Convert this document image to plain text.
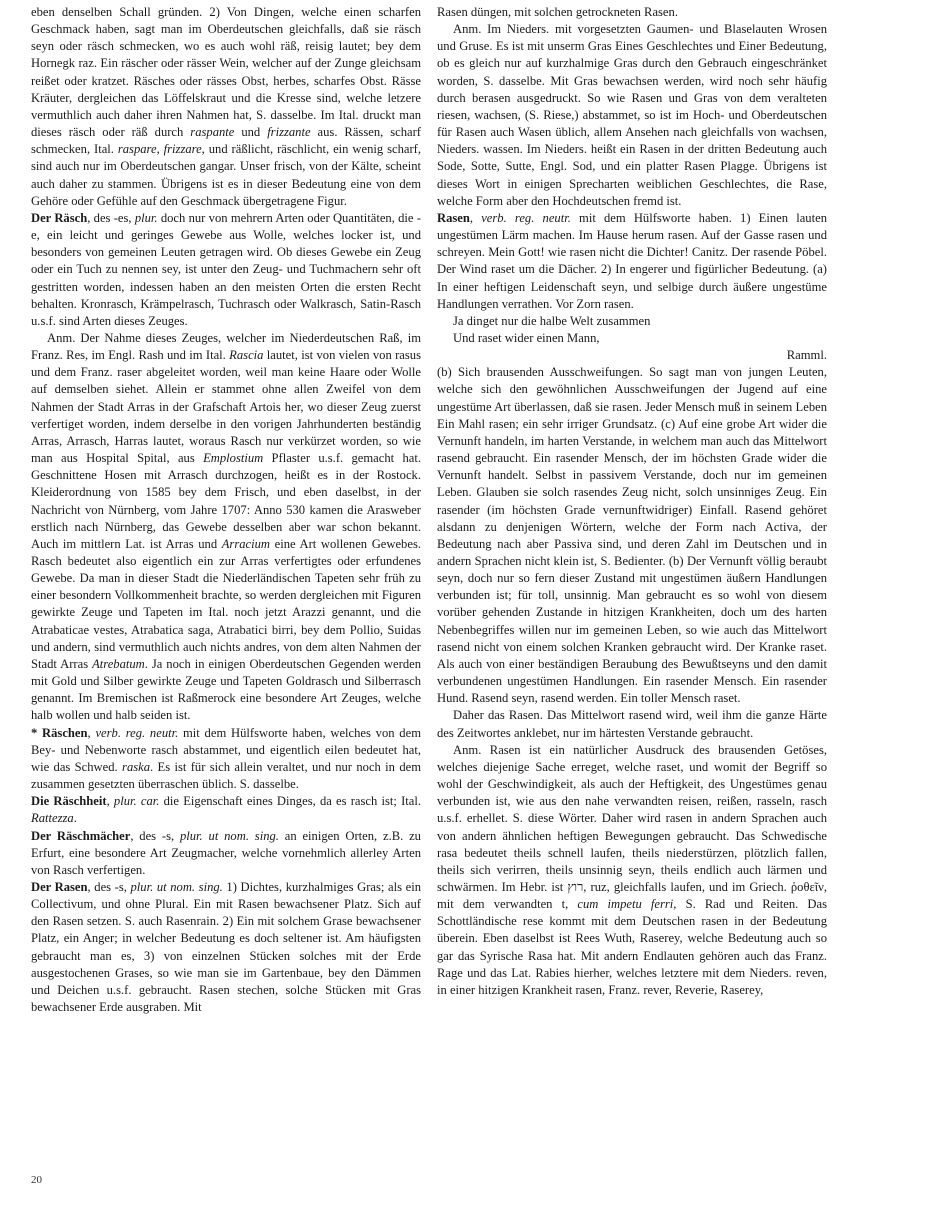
eben denselben Schall gründen. 2) Von Dingen, welche einen scharfen Geschmack haben, sagt man im Oberdeutschen gleichfalls, daß sie räsch seyn oder räsch schmecken, wo es auch wohl räß, reisig lautet; bey dem Hornegk raz. Ein räscher oder rässer Wein, welcher auf der Zunge gleichsam reißet oder kratzet. Räsches oder rässes Obst, herbes, scharfes Obst. Rässe Kräuter, dergleichen das Löffelskraut und die Kresse sind, welche letzere vermuthlich auch daher ihren Nahmen hat, S. dasselbe. Im Ital. druckt man dieses räsch oder räß durch raspante und frizzante aus. Rässen, scharf schmecken, Ital. raspare, frizzare, und räßlicht, räschlicht, ein wenig scharf, sind auch nur im Oberdeutschen gangar. Unser frisch, von der Kälte, scheint auch daher zu stammen. Übrigens ist es in dieser Bedeutung eine von dem Gehöre oder Gefühle auf den Geschmack übergetragene Figur.

Der Räsch, des -es, plur. doch nur von mehrern Arten oder Quantitäten, die -e, ein leicht und geringes Gewebe aus Wolle, welches locker ist, und besonders von gemeinen Leuten getragen wird. Ob dieses Gewebe ein Zeug oder ein Tuch zu nennen sey, ist unter den Zeug- und Tuchmachern sehr oft gestritten worden, indessen haben an den meisten Orten die ersten Recht behalten. Kronrasch, Krämpelrasch, Tuchrasch oder Walkrasch, Satin-Rasch u.s.f. sind Arten dieses Zeuges.

Anm. Der Nahme dieses Zeuges, welcher im Niederdeutschen Raß, im Franz. Res, im Engl. Rash und im Ital. Rascia lautet, ist von vielen von rasus und dem Franz. raser abgeleitet worden, weil man keine Haare oder Wolle auf demselben siehet. Allein er stammet ohne allen Zweifel von dem Nahmen der Stadt Arras in der Grafschaft Artois her, wo dieser Zeug zuerst verfertiget worden, indem derselbe in den vorigen Jahrhunderten beständig Arras, Arrasch, Harras lautet, woraus Rasch nur verkürzet worden, so wie man aus Hospital Spital, aus Emplostium Pflaster u.s.f. gemacht hat. Geschnittene Hosen mit Arrasch durchzogen, heißt es in der Rostock. Kleiderordnung von 1585 bey dem Frisch, und eben daselbst, in der Nachricht von Nürnberg, vom Jahre 1707: Anno 530 kamen die Arasweber erstlich nach Nürnberg, das Gewebe desselben aber war schon bekannt. Auch im mittlern Lat. ist Arras und Arracium eine Art wollenen Gewebes. Rasch bedeutet also eigentlich ein zur Arras verfertigtes oder erfundenes Gewebe. Da man in dieser Stadt die Niederländischen Tapeten sehr früh zu einer besondern Vollkommenheit brachte, so werden dergleichen mit Figuren gewirkte Zeuge und Tapeten im Ital. noch jetzt Arazzi genannt, und die Atrabaticae vestes, Atrabatica saga, Atrabatici birri, bey dem Pollio, Suidas und andern, sind vermuthlich auch nichts andres, von dem alten Nahmen der Stadt Arras Atrebatum. Ja noch in einigen Oberdeutschen Gegenden werden mit Gold und Silber gewirkte Zeuge und Tapeten Goldrasch und Silberrasch genannt. Im Bremischen ist Raßmerock eine besondere Art Zeuges, welche halb wollen und halb seiden ist.

* Räschen, verb. reg. neutr. mit dem Hülfsworte haben, welches von dem Bey- und Nebenworte rasch abstammet, und eigentlich eilen bedeutet hat, wie das Schwed. raska. Es ist für sich allein veraltet, und nur noch in dem zusammen gesetzten überraschen üblich. S. dasselbe.

Die Räschheit, plur. car. die Eigenschaft eines Dinges, da es rasch ist; Ital. Rattezza.

Der Räschmächer, des -s, plur. ut nom. sing. an einigen Orten, z.B. zu Erfurt, eine besondere Art Zeugmacher, welche vornehmlich allerley Arten von Rasch verfertigen.

Der Rasen, des -s, plur. ut nom. sing. 1) Dichtes, kurzhalmiges Gras; als ein Collectivum, und ohne Plural. Ein mit Rasen bewachsener Platz. Sich auf den Rasen setzen. S. auch Rasenrain. 2) Ein mit solchem Grase bewachsener Platz, ein Anger; in welcher Bedeutung es doch seltener ist. Am häufigsten gebraucht man es, 3) von einzelnen Stücken solches mit der Erde ausgestochenen Grases, so wie man sie im Gartenbaue, bey den Dämmen und Deichen u.s.f. gebraucht. Rasen stechen, solche Stücken mit Gras bewachsener Erde ausgraben. Mit

Rasen düngen, mit solchen getrockneten Rasen.

Anm. Im Nieders. mit vorgesetzten Gaumen- und Blaselauten Wrosen und Gruse. Es ist mit unserm Gras Eines Geschlechtes und Einer Bedeutung, ob es gleich nur auf kurzhalmige Gras durch den Gebrauch eingeschränket worden, S. dasselbe. Mit Gras bewachsen werden, wird noch sehr häufig durch berasen ausgedruckt. So wie Rasen und Gras von dem veralteten riesen, wachsen, (S. Riese,) abstammet, so ist im Hoch- und Oberdeutschen für Rasen auch Wasen üblich, allem Ansehen nach gleichfalls von wachsen, Nieders. wassen. Im Nieders. heißt ein Rasen in der dritten Bedeutung auch Sode, Sotte, Sutte, Engl. Sod, und ein platter Rasen Plagge. Übrigens ist dieses Wort in einigen Sprecharten weiblichen Geschlechtes, die Rase, welche Form aber den Hochdeutschen fremd ist.

Rasen, verb. reg. neutr. mit dem Hülfsworte haben. 1) Einen lauten ungestümen Lärm machen. Im Hause herum rasen. Auf der Gasse rasen und schreyen. Mein Gott! wie rasen nicht die Dichter! Canitz. Der rasende Pöbel. Der Wind raset um die Dächer. 2) In engerer und figürlicher Bedeutung. (a) In einer heftigen Leidenschaft seyn, und selbige durch äußere ungestüme Handlungen verrathen. Vor Zorn rasen.

Ja dinget nur die halbe Welt zusammen

Und raset wider einen Mann,

Ramml.

(b) Sich brausenden Ausschweifungen. So sagt man von jungen Leuten, welche sich den gewöhnlichen Ausschweifungen der Jugend auf eine ungestüme Art überlassen, daß sie rasen. Jeder Mensch muß in seinem Leben Ein Mahl rasen; ein sehr irriger Grundsatz. (c) Auf eine grobe Art wider die Vernunft handeln, im harten Verstande, in welchem man auch das Mittelwort rasend gebraucht. Ein rasender Mensch, der im höchsten Grade wider die Vernunft handelt. Selbst in passivem Verstande, doch nur im gemeinen Leben. Glauben sie solch rasendes Zeug nicht, solch unsinniges Zeug. Ein rasender (im höchsten Grade vernunftwidriger) Einfall. Rasend gehöret alsdann zu denjenigen Wörtern, welche der Form nach Activa, der Bedeutung nach aber Passiva sind, und deren Zahl im Deutschen und in andern Sprachen nicht klein ist, S. Bedienter. (b) Der Vernunft völlig beraubt seyn, doch nur so fern dieser Zustand mit ungestümen äußern Handlungen verbunden ist; für toll, unsinnig. Man gebraucht es so wohl von diesem vorüber gehenden Zustande in hitzigen Krankheiten, doch um des harten Nebenbegriffes willen nur im gemeinen Leben, so wie auch das Mittelwort rasend nicht von einem solchen Kranken gebraucht wird. Der Kranke raset. Als auch von einer beständigen Beraubung des Bewußtseyns und den damit verbundenen ungestümen Handlungen. Ein rasender Mensch. Ein rasender Hund. Rasend seyn, rasend werden. Ein toller Mensch raset.

Daher das Rasen. Das Mittelwort rasend wird, weil ihm die ganze Härte des Zeitwortes anklebet, nur im härtesten Verstande gebraucht.

Anm. Rasen ist ein natürlicher Ausdruck des brausenden Getöses, welches diejenige Sache erreget, welche raset, und womit der Begriff so wohl der Geschwindigkeit, als auch der Heftigkeit, des Ungestümes genau verbunden ist, wie aus den nahe verwandten reisen, reißen, rasseln, rasch u.s.f. erhellet. S. diese Wörter. Daher wird rasen in andern Sprachen auch von andern ähnlichen heftigen Bewegungen gebraucht. Das Schwedische rasa bedeutet theils schnell laufen, theils niederstürzen, plötzlich fallen, theils sich verirren, theils unsinnig seyn, theils endlich auch lärmen und schwärmen. Im Hebr. ist רוץ, ruz, gleichfalls laufen, und im Griech. ῥοθεῖν, mit dem verwandten t, cum impetu ferri, S. Rad und Reiten. Das Schottländische rese kommt mit dem Deutschen rasen in der Bedeutung überein. Eben daselbst ist Rees Wuth, Raserey, welche Bedeutung auch so gar das Syrische Rasa hat. Mit andern Endlauten gehören auch das Franz. Rage und das Lat. Rabies hierher, welches letztere mit dem Nieders. reven, in einer hitzigen Krankheit rasen, Franz. rever, Reverie, Raserey,

20
